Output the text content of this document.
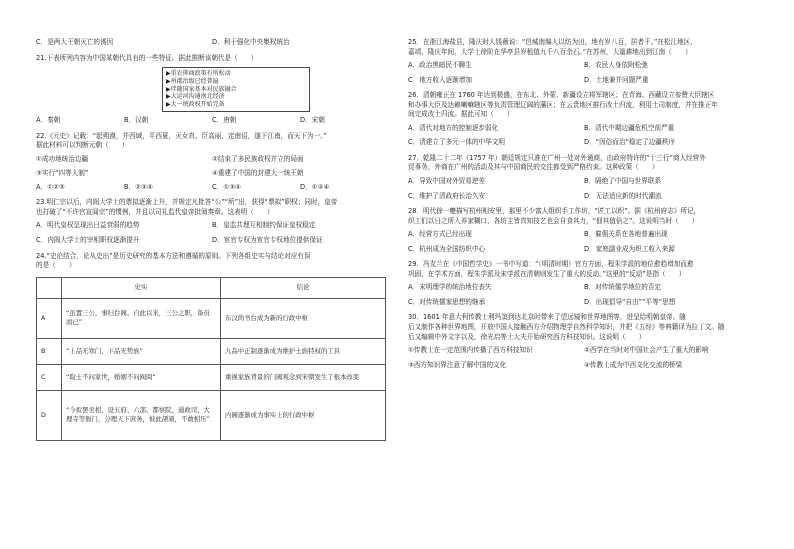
C．是两大王朝灭亡的诱因	D．利于强化中央集权统治

21.下表所列内容为中国某朝代具有的一些特征。据此推断该朝代是（　　）

▶重农抑商政策有所松动
▶州郡治级已经普遍
▶伴随国家基本对民族融合
▶大运河沟通南北经济
▶大一统政权开始完备
A．秦朝	B．汉朝	C．唐朝	D．宋朝

22.《元史》记载：“起朔漠，并西域，平西夏，灭女真，臣高丽，定南诏，遂下江南，而天下为一。”

据此材料可以判断元朝（　　）

①成功地统治边疆	②结束了多民族政权并立的局面
③实行“四等人制”	④重建了中国的封建大一统王朝
A．①②③	B．②③④	C．①③④	D．①②④

23.明仁宗以后，内阁大学士的票拟逐渐上升，并规定凡批答“公”“所”出，获得“票拟”职权；同时，皇帝

也打破了“不许官宣闾宗”的惯例，并且以司礼监代皇帝批阅奏章。这表明（　　）

A．明代皇权呈现出日益衰弱的趋势	B．皇监共理互相制约保证皇权稳定
C．内阁大学士的宰相职权逐渐提升	D．宦官专权为宦官专权地位提供保证

24.“史论结合，论从史出”是历史研究的基本方法和遵循的原则。下列各组史实与结论对应有误

的是（　　）

	史实	结论
A	“虽置三公，事归台阁。自此以来，三公之职，备员而已”	东汉尚书台成为新的行政中枢
B	“上品无寒门，下品无势族”	九品中正制逐渐成为维护士族特权的工具
C	“取士不问家世，婚姻不问阀阅”	重视家族背景的门阀观念到宋朝发生了根本改变
D	“今拟罢丞相，设五府、六部、都察院、通政司、大理寺等衙门，分理天下庶务，彼此颉颃，不敢相压”	内阁逐渐成为事实上的行政中枢

25．在浙江海盐县，隆庆时人钱薇说：“邑城南编人以纺为田，地有岁八百，居者千。”在松江地区，

嘉靖、隆庆年间，大学士徐阶在华亭县岁租值九千八百余石。”在苏州，大量耕地出到江南（　　）

A．政治黑暗民不聊生	B．农民人身依附松弛
C．地方收入逐渐增加	D．土地兼并问题严重

26．清朝雍正在 1760 年达到极盛，在东北、外蒙、新疆设立将军辖区；在青海、西藏设立参赞大臣辖区

和办事大臣及达赖喇嘛辖区等负责管理辽阔的藩区；在云贵地区推行改土归流，利用土司制度，并在推正年

间完成改土归流。据此可知（　　）

A．清代对地方的控制逐步弱化	B．清代中期边疆危机空前严重
C．清建立了多元一体的中华文明	D．“因俗而治”稳定了边疆秩序

27．乾隆二十二年（1757 年）朝廷规定只准在广州一处对外通商，由政府特许的“十三行”商人经营外

贸事务，外商在广州的活动及其与中国商民的交往都受到严格约束。这种政策（　　）

A．导致中国对外贸易逆差	B．隔绝了中国与世界联系
C．维护了清政府长治久安	D．无法适应新的时代潮流

28．明代徐一夔描写杭州相安里，那里不少富人组织手工作坊，“匠工以织”。据《杭州府志》所记，

织工们以日之所入养家糊口，各坊主皆真知技艺也会自食其力，“佃其值倍之”。这说明当时（　　）

A．经营方式已经出现	B．雇佣关系在各地普遍出现
C．杭州成为全国纺织中心	D．家庭副业成为织工收入来源

29．冯友兰在《中国哲学史》一书中写道：“（明清时期）官方方面，程朱学派的地位愈趋增加而愈

巩固，在学术方面，程朱学派及宋学派在清朝则发生了重大的反动。”这里的“反动”是指（　　）

A．宋明理学的统治地位丧失	B．对传统儒学地位的否定
C．对传统儒家思想的继承	D．出现倡导“自由”“平等”思想

30．1601 年意大利传教士利玛窦到达北京时带来了望远镜和世界地图等，进呈给明朝皇帝。随

后又制作各种世界地图，开放中国人接触西方介绍物理学自然科学知识，并把《五经》等典籍译为拉丁文。随

后又编辑中外文字以及，徐光启等士大夫开始研究西方科技知识。这说明（　　）

①传教士在一定范围内传播了西方科技知识	②西学在当时对中国社会产生了重大的影响
③西方知识界注意了解中国的文化	④传教士成为中西文化交流的桥梁
